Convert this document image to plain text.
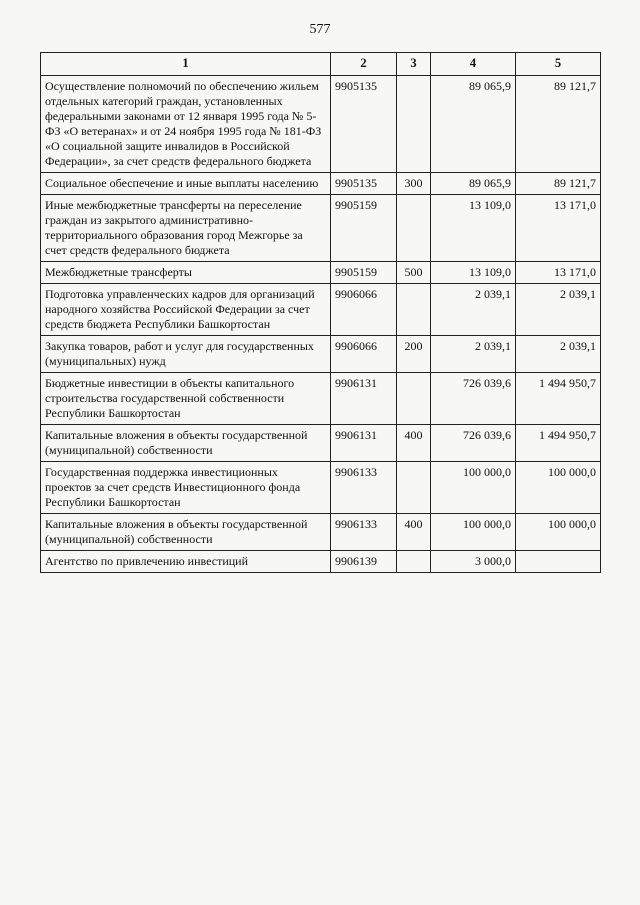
577
1	2	3	4	5
Осуществление полномочий по обеспечению жильем отдельных категорий граждан, установленных федеральными законами от 12 января 1995 года № 5-ФЗ «О ветеранах» и от 24 ноября 1995 года № 181-ФЗ «О социальной защите инвалидов в Российской Федерации», за счет средств федерального бюджета	9905135		89 065,9	89 121,7
Социальное обеспечение и иные выплаты населению	9905135	300	89 065,9	89 121,7
Иные межбюджетные трансферты на переселение граждан из закрытого административно-территориального образования город Межгорье за счет средств федерального бюджета	9905159		13 109,0	13 171,0
Межбюджетные трансферты	9905159	500	13 109,0	13 171,0
Подготовка управленческих кадров для организаций народного хозяйства Российской Федерации за счет средств бюджета Республики Башкортостан	9906066		2 039,1	2 039,1
Закупка товаров, работ и услуг для государственных (муниципальных) нужд	9906066	200	2 039,1	2 039,1
Бюджетные инвестиции в объекты капитального строительства государственной собственности Республики Башкортостан	9906131		726 039,6	1 494 950,7
Капитальные вложения в объекты государственной (муниципальной) собственности	9906131	400	726 039,6	1 494 950,7
Государственная поддержка инвестиционных проектов за счет средств Инвестиционного фонда Республики Башкортостан	9906133		100 000,0	100 000,0
Капитальные вложения в объекты государственной (муниципальной) собственности	9906133	400	100 000,0	100 000,0
Агентство по привлечению инвестиций	9906139		3 000,0	
